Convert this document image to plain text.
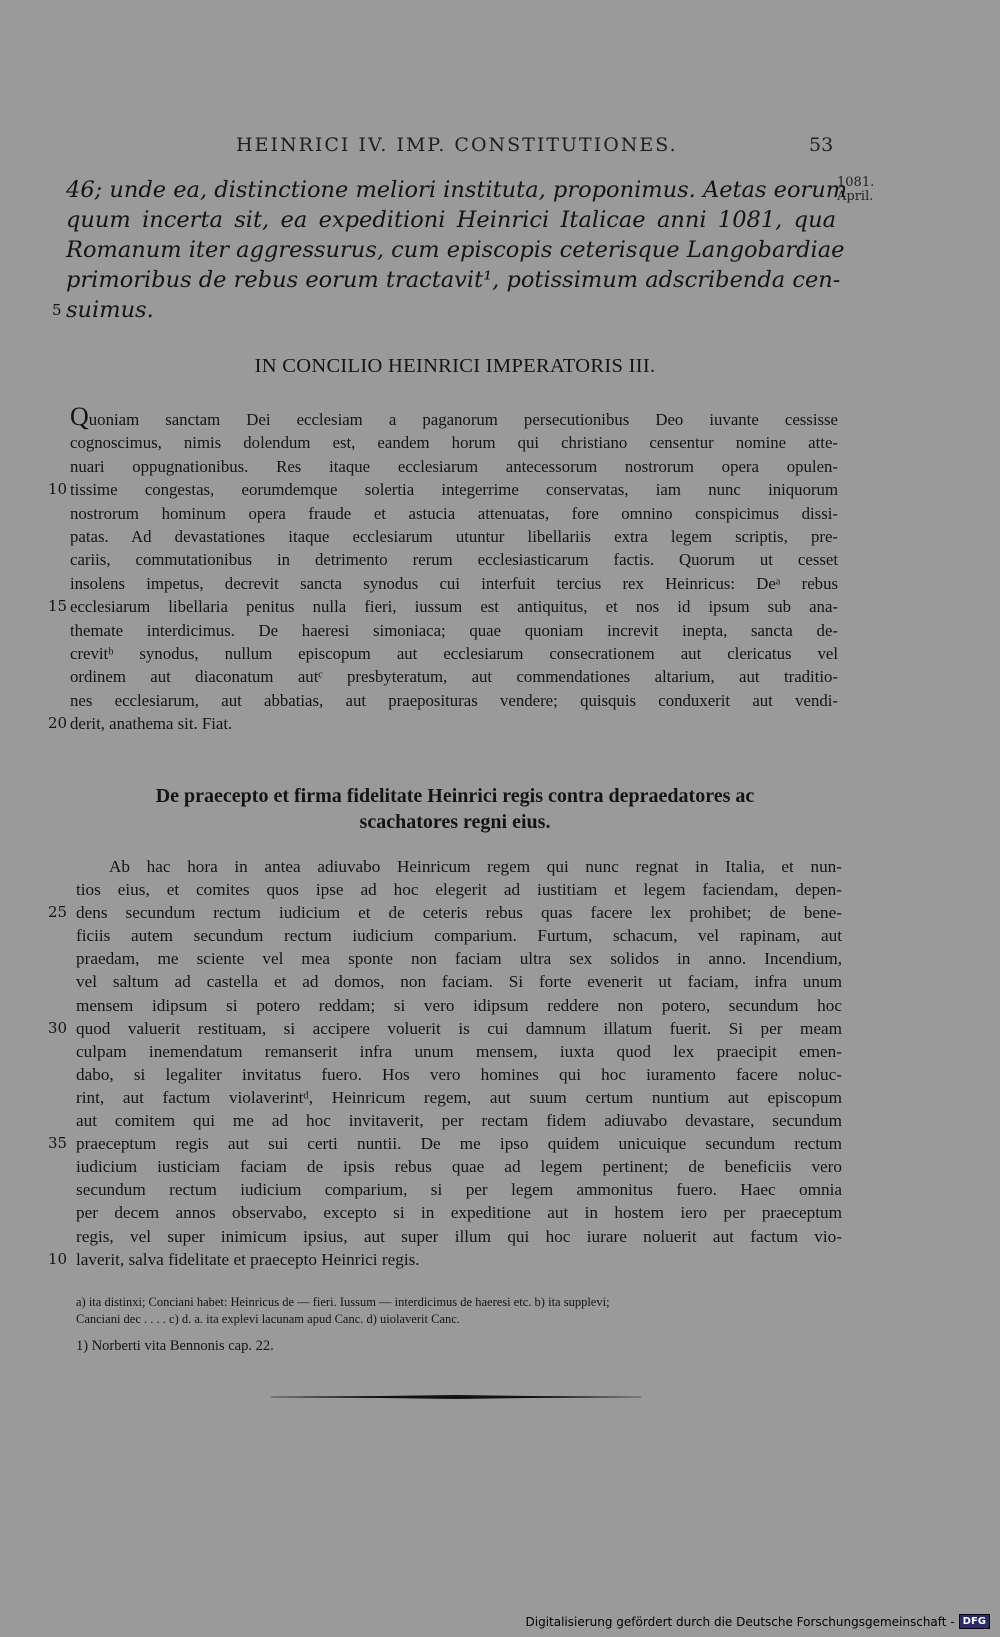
HEINRICI IV. IMP. CONSTITUTIONES.	53
1081.
April.
46; unde ea, distinctione meliori instituta, proponimus. Aetas eorum
quum incerta sit, ea expeditioni Heinrici Italicae anni 1081, qua
Romanum iter aggressurus, cum episcopis ceterisque Langobardiae
primoribus de rebus eorum tractavit¹, potissimum adscribenda cen-
5 suimus.
IN CONCILIO HEINRICI IMPERATORIS III.
Quoniam sanctam Dei ecclesiam a paganorum persecutionibus Deo iuvante cessisse
cognoscimus, nimis dolendum est, eandem horum qui christiano censentur nomine atte-
nuari oppugnationibus. Res itaque ecclesiarum antecessorum nostrorum opera opulen-
10 tissime congestas, eorumdemque solertia integerrime conservatas, iam nunc iniquorum
nostrorum hominum opera fraude et astucia attenuatas, fore omnino conspicimus dissi-
patas. Ad devastationes itaque ecclesiarum utuntur libellariis extra legem scriptis, pre-
cariis, commutationibus in detrimento rerum ecclesiasticarum factis. Quorum ut cesset
insolens impetus, decrevit sancta synodus cui interfuit tercius rex Heinricus: Deᵃ rebus
15 ecclesiarum libellaria penitus nulla fieri, iussum est antiquitus, et nos id ipsum sub ana-
themate interdicimus. De haeresi simoniaca; quae quoniam increvit inepta, sancta de-
crevitᵇ synodus, nullum episcopum aut ecclesiarum consecrationem aut clericatus vel
ordinem aut diaconatum autᶜ presbyteratum, aut commendationes altarium, aut traditio-
nes ecclesiarum, aut abbatias, aut praeposituras vendere; quisquis conduxerit aut vendi-
20 derit, anathema sit. Fiat.
De praecepto et firma fidelitate Heinrici regis contra depraedatores ac
scachatores regni eius.
Ab hac hora in antea adiuvabo Heinricum regem qui nunc regnat in Italia, et nun-
tios eius, et comites quos ipse ad hoc elegerit ad iustitiam et legem faciendam, depen-
25 dens secundum rectum iudicium et de ceteris rebus quas facere lex prohibet; de bene-
ficiis autem secundum rectum iudicium comparium. Furtum, schacum, vel rapinam, aut
praedam, me sciente vel mea sponte non faciam ultra sex solidos in anno. Incendium,
vel saltum ad castella et ad domos, non faciam. Si forte evenerit ut faciam, infra unum
mensem idipsum si potero reddam; si vero idipsum reddere non potero, secundum hoc
30 quod valuerit restituam, si accipere voluerit is cui damnum illatum fuerit. Si per meam
culpam inemendatum remanserit infra unum mensem, iuxta quod lex praecipit emen-
dabo, si legaliter invitatus fuero. Hos vero homines qui hoc iuramento facere noluc-
rint, aut factum violaverintᵈ, Heinricum regem, aut suum certum nuntium aut episcopum
aut comitem qui me ad hoc invitaverit, per rectam fidem adiuvabo devastare, secundum
35 praeceptum regis aut sui certi nuntii. De me ipso quidem unicuique secundum rectum
iudicium iusticiam faciam de ipsis rebus quae ad legem pertinent; de beneficiis vero
secundum rectum iudicium comparium, si per legem ammonitus fuero. Haec omnia
per decem annos observabo, excepto si in expeditione aut in hostem iero per praeceptum
regis, vel super inimicum ipsius, aut super illum qui hoc iurare noluerit aut factum vio-
10 laverit, salva fidelitate et praecepto Heinrici regis.
a) ita distinxi; Conciani habet: Heinricus de — fieri. Iussum — interdicimus de haeresi etc. b) ita supplevi;
Canciani dec . . . . c) d. a. ita explevi lacunam apud Canc. d) uiolaverit Canc.
1) Norberti vita Bennonis cap. 22.
Digitalisierung gefördert durch die Deutsche Forschungsgemeinschaft - DFG
